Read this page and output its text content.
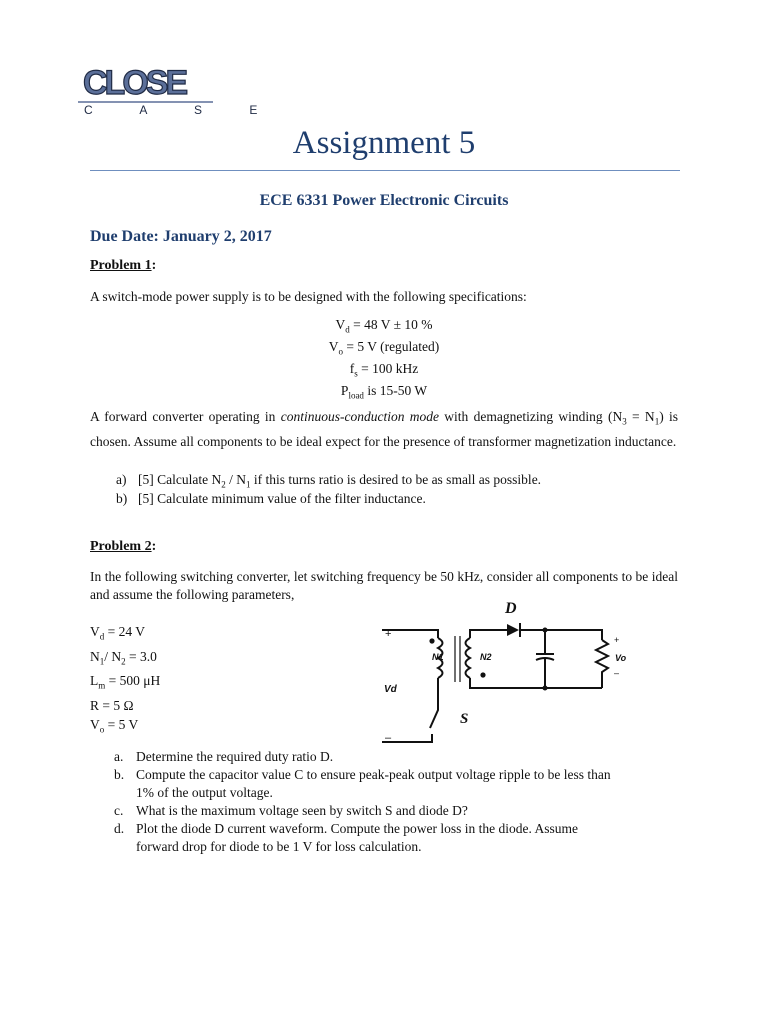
CLOSE
C A S E
Assignment 5
ECE 6331 Power Electronic Circuits
Due Date: January 2, 2017
Problem 1:
A switch-mode power supply is to be designed with the following specifications:
$V_d = 48$ V ± 10 %
$V_o = 5$ V (regulated)
$f_s = 100$ kHz
$P_{load}$ is 15-50 W
A forward converter operating in continuous-conduction mode with demagnetizing winding $(N_3 = N_1)$ is chosen. Assume all components to be ideal expect for the presence of transformer magnetization inductance.
a) [5] Calculate $N_2 / N_1$ if this turns ratio is desired to be as small as possible.
b) [5] Calculate minimum value of the filter inductance.
Problem 2:
In the following switching converter, let switching frequency be 50 kHz, consider all components to be ideal and assume the following parameters,
$V_d = 24$ V
$N_1/$ $N_2 = 3.0$
$L_m = 500$ μH
R = 5 Ω
$V_o = 5$ V
D
S
Vd
N1	N2	Vo
+
–
+
–
a. Determine the required duty ratio D.
b. Compute the capacitor value C to ensure peak-peak output voltage ripple to be less than
1% of the output voltage.
c. What is the maximum voltage seen by switch S and diode D?
d. Plot the diode D current waveform. Compute the power loss in the diode. Assume
forward drop for diode to be 1 V for loss calculation.
